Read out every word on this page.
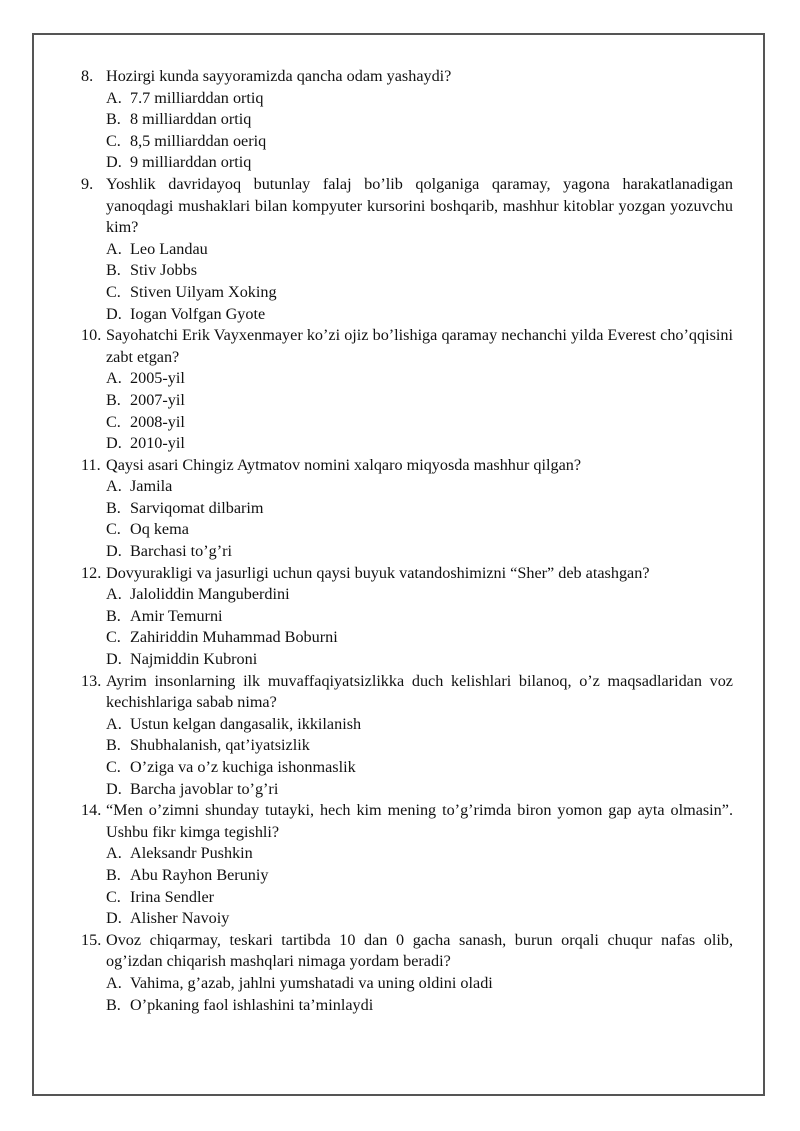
8. Hozirgi kunda sayyoramizda qancha odam yashaydi?
A. 7.7 milliarddan ortiq
B. 8 milliarddan ortiq
C. 8,5 milliarddan oeriq
D. 9 milliarddan ortiq
9. Yoshlik davridayoq butunlay falaj bo’lib qolganiga qaramay, yagona harakatlanadigan yanoqdagi mushaklari bilan kompyuter kursorini boshqarib, mashhur kitoblar yozgan yozuvchu kim?
A. Leo Landau
B. Stiv Jobbs
C. Stiven Uilyam Xoking
D. Iogan Volfgan Gyote
10. Sayohatchi Erik Vayxenmayer ko’zi ojiz bo’lishiga qaramay nechanchi yilda Everest cho’qqisini zabt etgan?
A. 2005-yil
B. 2007-yil
C. 2008-yil
D. 2010-yil
11. Qaysi asari Chingiz Aytmatov nomini xalqaro miqyosda mashhur qilgan?
A. Jamila
B. Sarviqomat dilbarim
C. Oq kema
D. Barchasi to’g’ri
12. Dovyurakligi va jasurligi uchun qaysi buyuk vatandoshimizni “Sher” deb atashgan?
A. Jaloliddin Manguberdini
B. Amir Temurni
C. Zahiriddin Muhammad Boburni
D. Najmiddin Kubroni
13. Ayrim insonlarning ilk muvaffaqiyatsizlikka duch kelishlari bilanoq, o’z maqsadlaridan voz kechishlariga sabab nima?
A. Ustun kelgan dangasalik, ikkilanish
B. Shubhalanish, qat’iyatsizlik
C. O’ziga va o’z kuchiga ishonmaslik
D. Barcha javoblar to’g’ri
14. “Men o’zimni shunday tutayki, hech kim mening to’g’rimda biron yomon gap ayta olmasin”. Ushbu fikr kimga tegishli?
A. Aleksandr Pushkin
B. Abu Rayhon Beruniy
C. Irina Sendler
D. Alisher Navoiy
15. Ovoz chiqarmay, teskari tartibda 10 dan 0 gacha sanash, burun orqali chuqur nafas olib, og’izdan chiqarish mashqlari nimaga yordam beradi?
A. Vahima, g’azab, jahlni yumshatadi va uning oldini oladi
B. O’pkaning faol ishlashini ta’minlaydi
